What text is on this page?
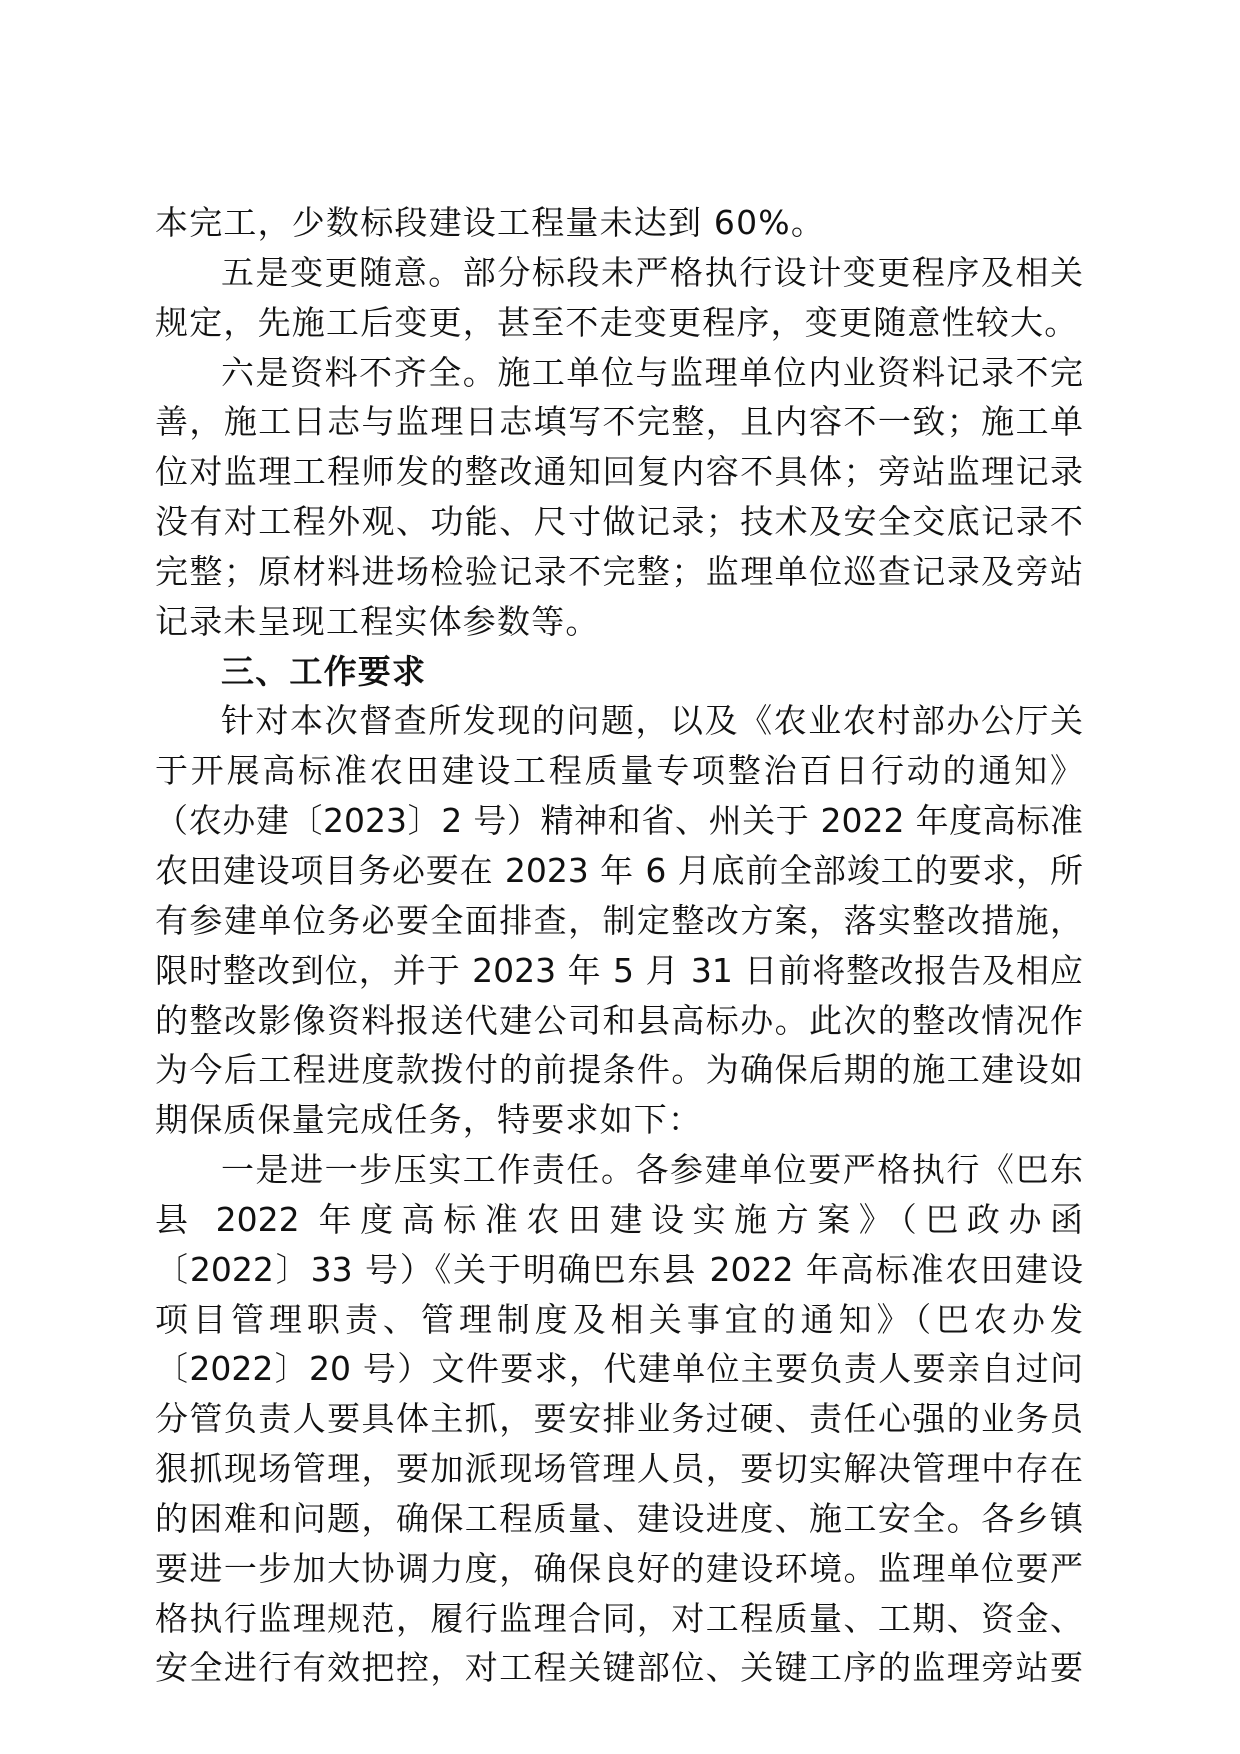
本完工，少数标段建设工程量未达到 60%。
五是变更随意。部分标段未严格执行设计变更程序及相关
规定，先施工后变更，甚至不走变更程序，变更随意性较大。
六是资料不齐全。施工单位与监理单位内业资料记录不完
善，施工日志与监理日志填写不完整，且内容不一致；施工单
位对监理工程师发的整改通知回复内容不具体；旁站监理记录
没有对工程外观、功能、尺寸做记录；技术及安全交底记录不
完整；原材料进场检验记录不完整；监理单位巡查记录及旁站
记录未呈现工程实体参数等。
三、工作要求
针对本次督查所发现的问题，以及《农业农村部办公厅关
于开展高标准农田建设工程质量专项整治百日行动的通知》
（农办建〔2023〕2 号）精神和省、州关于 2022 年度高标准
农田建设项目务必要在 2023 年 6 月底前全部竣工的要求，所
有参建单位务必要全面排查，制定整改方案，落实整改措施，
限时整改到位，并于 2023 年 5 月 31 日前将整改报告及相应
的整改影像资料报送代建公司和县高标办。此次的整改情况作
为今后工程进度款拨付的前提条件。为确保后期的施工建设如
期保质保量完成任务，特要求如下：
一是进一步压实工作责任。各参建单位要严格执行《巴东
县 2022 年度高标准农田建设实施方案》（巴政办函
〔2022〕33 号）《关于明确巴东县 2022 年高标准农田建设
项目管理职责、管理制度及相关事宜的通知》（巴农办发
〔2022〕20 号）文件要求，代建单位主要负责人要亲自过问
分管负责人要具体主抓，要安排业务过硬、责任心强的业务员
狠抓现场管理，要加派现场管理人员，要切实解决管理中存在
的困难和问题，确保工程质量、建设进度、施工安全。各乡镇
要进一步加大协调力度，确保良好的建设环境。监理单位要严
格执行监理规范，履行监理合同，对工程质量、工期、资金、
安全进行有效把控，对工程关键部位、关键工序的监理旁站要
